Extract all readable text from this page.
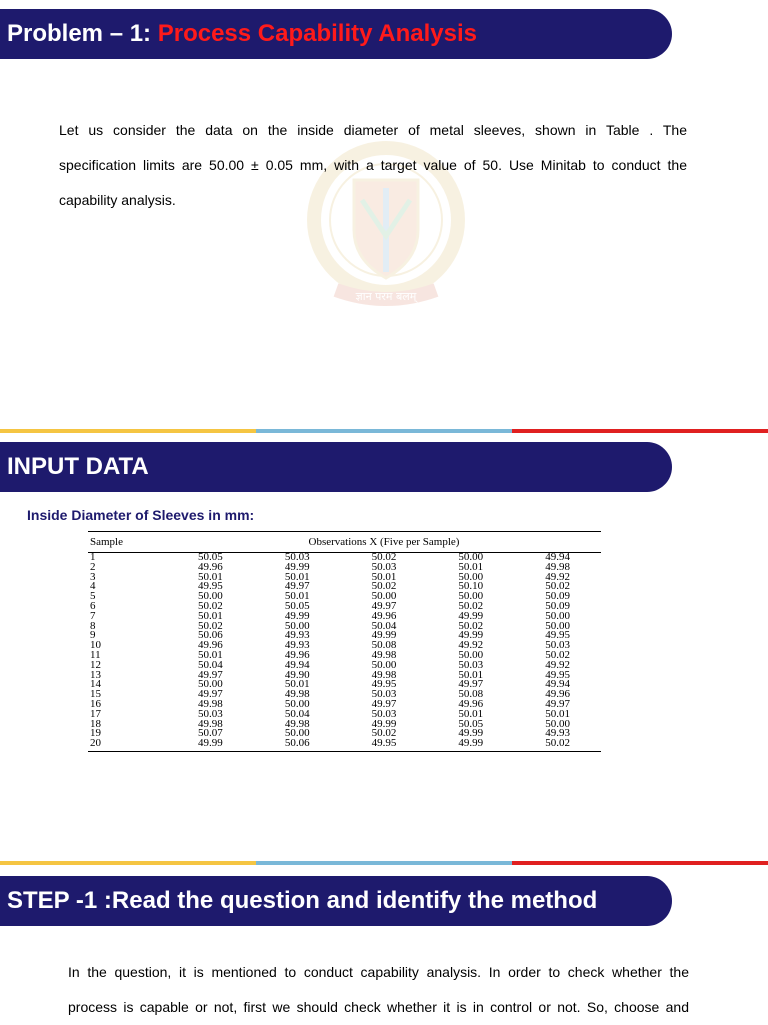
Problem – 1: Process Capability Analysis
ज्ञान परम बलम्

Let us consider the data on the inside diameter of metal sleeves, shown in Table . The

specification limits are 50.00 ± 0.05 mm, with a target value of 50. Use Minitab to conduct the

capability analysis.

INPUT DATA
Inside Diameter of Sleeves in mm:
Sample	Observations X (Five per Sample)				
1	50.05	50.03	50.02	50.00	49.94
2	49.96	49.99	50.03	50.01	49.98
3	50.01	50.01	50.01	50.00	49.92
4	49.95	49.97	50.02	50.10	50.02
5	50.00	50.01	50.00	50.00	50.09
6	50.02	50.05	49.97	50.02	50.09
7	50.01	49.99	49.96	49.99	50.00
8	50.02	50.00	50.04	50.02	50.00
9	50.06	49.93	49.99	49.99	49.95
10	49.96	49.93	50.08	49.92	50.03
11	50.01	49.96	49.98	50.00	50.02
12	50.04	49.94	50.00	50.03	49.92
13	49.97	49.90	49.98	50.01	49.95
14	50.00	50.01	49.95	49.97	49.94
15	49.97	49.98	50.03	50.08	49.96
16	49.98	50.00	49.97	49.96	49.97
17	50.03	50.04	50.03	50.01	50.01
18	49.98	49.98	49.99	50.05	50.00
19	50.07	50.00	50.02	49.99	49.93
20	49.99	50.06	49.95	49.99	50.02
STEP -1 :Read the question and identify the method

In the question, it is mentioned to conduct capability analysis. In order to check whether the

process is capable or not, first we should check whether it is in control or not. So, choose and
